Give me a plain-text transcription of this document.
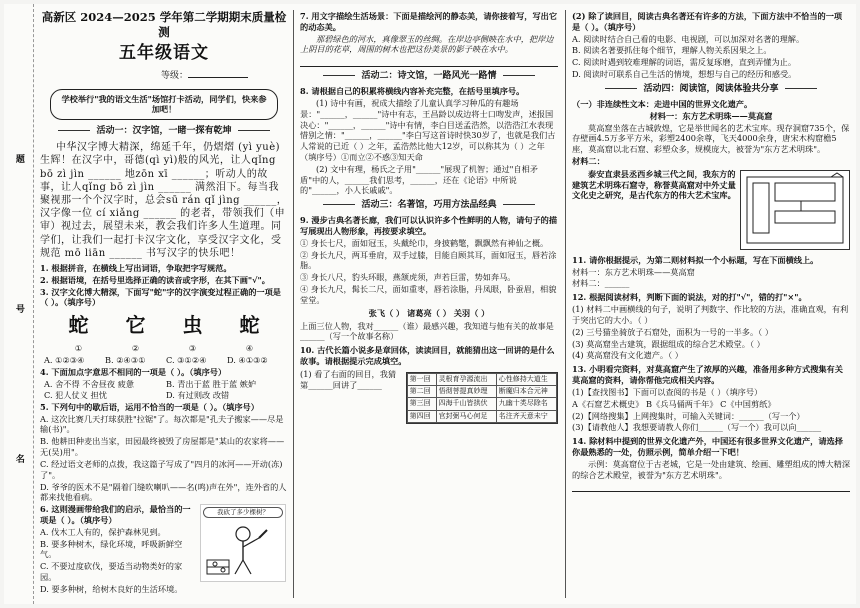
题
号
名
高新区 2024—2025 学年第二学期期末质量检测
五年级语文
等级：
学校举行"我的语文生活"场馆打卡活动，同学们，快来参加吧！
活动一：汉字馆，一睹一探有乾坤

中华汉字博大精深，绵延千年，仍熠熠 (yì yuè) 生辉！在汉字中，哥德(qì yì)般的风光，让人qǐng bō zì jìn ______ 地zōn xī ______；听动人的故事，让人qǐng bō zì jìn ______ 满然泪下。每当我聚视那一个个汉字时，总会sū rán qǐ jìng ______，汉字像一位 cí xiǎng ______ 的老者，带领我们（申 审）视过去，展望未来，教会我们许多人生道理。同学们，让我们一起打卡汉字文化，享受汉字文化，受规范 mō liān ______ 书写汉字的快乐吧！

1. 根据拼音，在横线上写出词语，争取把字写规范。

2. 根据语境，在括号里选择正确的读音或字形，在其下画"√"。

3. 汉字文化博大精深，下面写"蛇"字的汉字演变过程正确的一项是（ ）。（填序号）

蛇 它 虫 蛇
①	②	③	④
A. ①②③④	B. ②④③①	C. ③①②④	D. ④①③②

4. 下面加点字意思不相同的一项是（ ）。（填序号）

A. 舍不得 不舍昼夜 疲惫	B. 青出于蓝 胜于蓝 嫉妒
C. 犯人仗义 担忧	D. 有过则改 改错

5. 下列句中的歇后语，运用不恰当的一项是（ ）。（填序号）

A. 这次比赛几天打球获胜"拉锯"了。每次都是"孔夫子搬家——尽是输(书)"。

B. 他耕田种麦出当家，田园最终被毁了房屋都是"某山的农家将——无(吴)用"。

C. 经过语文老师的点拨，我这篇子写成了"四月的冰河——开动(冻)了"。

D. 爷爷的医术不是"隔着门缝吹喇叭——名(鸣)声在外"，连外省的人都来找他看病。

6. 这则漫画带给我们的启示，最恰当的一项是（ ）。（填序号）

A. 伐木工人有的，保护森林见到。

B. 要多种树木，绿化环境，呼吸新鲜空气。

C. 不要过度砍伐，要适当动物类好的家园。

D. 要多种树，给树木良好的生活环境。

我砍了多少棵树？

7. 用文字描绘生活场景：下面是描绘河的静态美，请你接着写，写出它的动态美。

那碧绿色的河水，真像翠玉的丝绸。在岸边亭侧映在水中，把岸边上阴目的花草，周围的树木也把这份美景的影子映在水中。

活动二：诗文馆，一路风光一路情

8. 请根据自己的积累将横线内容补充完整，在括号里填序号。

(1) 诗中有画，祝成大描绘了儿童认真学习种瓜的有趣场景："______，______"诗中有志，王昌龄以成边将士口吻发声，述报国决心："______，______"诗中有情，李白目送孟浩然，以浩浩江水表现惜别之情："______，______"李白写这首诗时快30岁了，也就是我们古人常说的已近（ ）之年，孟浩然比他大12岁，可以称其为（ ）之年（填序号）①而立②不惑③知天命

(2) 文中有理，杨氏之子用"______"展现了机智；通过"自相矛盾"中的人，______我们思考，______，还在《论语》中所说的"______，小人长戚戚"。

活动三：名著馆，巧用方法品经典

9. 漫步古典名著长廊，我们可以认识许多个性鲜明的人物，请句子的描写展现出人物形象，再按要求填空。

① 身长七尺，面如冠玉，头戴纶巾，身披鹤氅，飘飘然有神仙之概。

② 身长九尺，两耳垂肩，双手过膝，目能自顾其耳，面如冠玉，唇若涂脂。

③ 身长八尺，豹头环眼，燕颔虎须，声若巨雷，势如奔马。

④ 身长九尺，髯长二尺，面如重枣，唇若涂脂，丹凤眼，卧蚕眉，相貌堂堂。

张飞（ ） 诸葛亮（ ） 关羽（ ）

上面三位人物，我对______（谁）最感兴趣，我知道与他有关的故事是______（写一个故事名称）

10. 古代长篇小说多是章回体，读读回目，就能猜出这一回讲的是什么故事。请根据提示完成填空。

(1) 看了右面的回目，我猜第______回讲了______

第一回	灵根育孕源流出	心性修持大道生
第二回	悟彻菩提真妙理	断魔归本合元神
第三回	四海千山皆拱伏	九幽十类尽除名
第四回	官封弼马心何足	名注齐天意未宁

(2) 除了读回目，阅读古典名著还有许多的方法，下面方法中不恰当的一项是（ ）。（填序号）

A. 阅读时结合自己看的电影、电视剧，可以加深对名著的理解。

B. 阅读名著要抓住每个细节，理解人物关系因果之上。

C. 阅读时遇到较难理解的词语，需反复琢磨，直到弄懂为止。

D. 阅读时可联系自己生活的情境，想想与自己的经历和感受。

活动四：阅读馆，阅读体验共分享

（一）非连续性文本：走进中国的世界文化遗产。

材料一：东方艺术明珠——莫高窟

莫高窟坐落在古城敦煌，它是举世闻名的艺术宝库。现存洞窟735个，保存壁画4.5万多平方米，彩塑2400余尊，飞天4000余身，唐宋木构窟檐5座，莫高窟以北石窟、彩塑众多，规模庞大，被誉为"东方艺术明珠"。

材料二：

泰安直隶县丞西乡城三代之间，我东方的建筑艺术明珠石窟寺，称誉莫高窟对中外丈量文化史之研究，是古代东方的伟大艺术宝库。

11. 请你根据提示，为第二则材料拟一个小标题，写在下面横线上。

材料一：东方艺术明珠——莫高窟

材料二：______

12. 根据阅读材料，判断下面的说法，对的打"√"，错的打"×"。

(1) 材料二中画横线的句子，说明了判数字、作比较的方法，准确直观，有利于突出它的大小。（ ）

(2) 三号猫坐骑放子石窟处，面积为一号的一半多。（ ）

(3) 莫高窟坐古建筑，跟据组成的综合艺术殿堂。（ ）

(4) 莫高窟没有文化遗产。（ ）

13. 小明看完资料，对莫高窟产生了浓厚的兴趣，准备用多种方式搜集有关莫高窟的资料，请你帮他完成相关内容。

(1)【查找图书】下面可以查阅的书是（ ）（填序号）

A《石窟艺术概史》 B《兵马俑两千年》 C《中国剪纸》

(2)【网络搜集】上网搜集时，可输入关键词：______（写一个）

(3)【请教他人】我想要请教人你们______（写一个）我可以向______

14. 除材料中提到的世界文化遗产外，中国还有很多世界文化遗产，请选择你最熟悉的一处，仿照示例，简单介绍一下吧！

示例：莫高窟位于古老城，它是一处由建筑、绘画、雕塑组成的博大精深的综合艺术殿堂，被誉为"东方艺术明珠"。
